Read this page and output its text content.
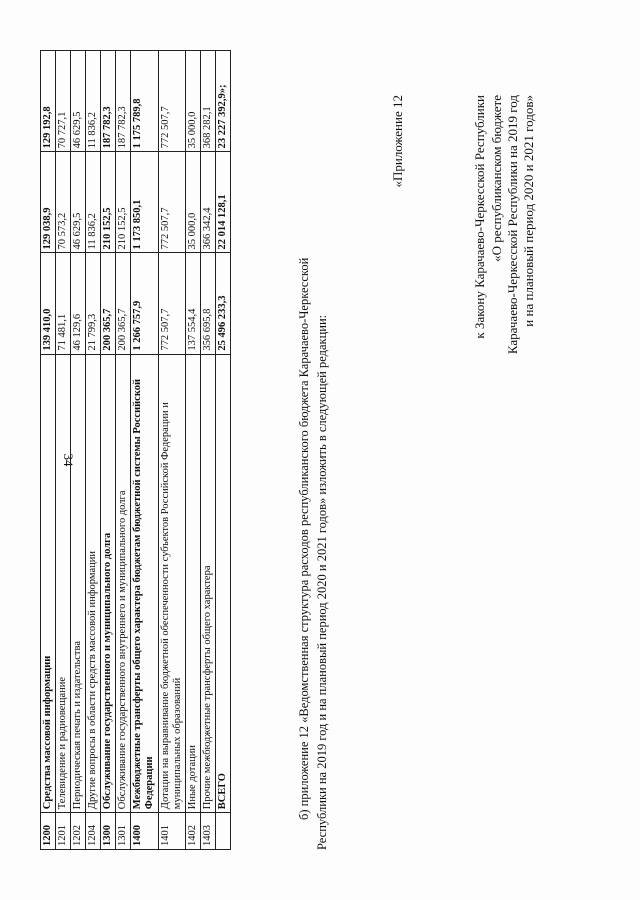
34
1200	Средства массовой информации	139 410,0	129 038,9	129 192,8
1201	Телевидение и радиовещание	71 481,1	70 573,2	70 727,1
1202	Периодическая печать и издательства	46 129,6	46 629,5	46 629,5
1204	Другие вопросы в области средств массовой информации	21 799,3	11 836,2	11 836,2
1300	Обслуживание государственного и муниципального долга	200 365,7	210 152,5	187 782,3
1301	Обслуживание государственного внутреннего и муниципального долга	200 365,7	210 152,5	187 782,3
1400	Межбюджетные трансферты общего характера бюджетам бюджетной системы Российской Федерации	1 266 757,9	1 173 850,1	1 175 789,8
1401	Дотации на выравнивание бюджетной обеспеченности субъектов Российской Федерации и муниципальных образований	772 507,7	772 507,7	772 507,7
1402	Иные дотации	137 554,4	35 000,0	35 000,0
1403	Прочие межбюджетные трансферты общего характера	356 695,8	366 342,4	368 282,1
	ВСЕГО	25 496 233,3	22 014 128,1	23 227 392,9»;

б) приложение 12 «Ведомственная структура расходов республиканского бюджета Карачаево-Черкесской Республики на 2019 год и на плановый период 2020 и 2021 годов» изложить в следующей редакции:

«Приложение 12	к Закону Карачаево-Черкесской Республики «О республиканском бюджете Карачаево-Черкесской Республики на 2019 год и на плановый период 2020 и 2021 годов»
